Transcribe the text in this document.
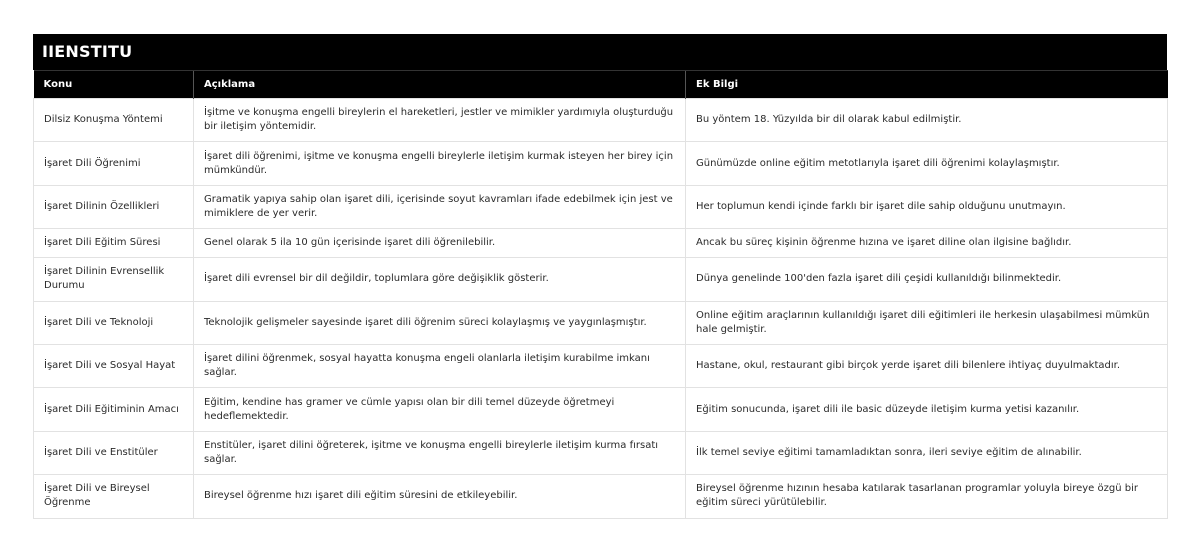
IIENSTITU
Konu	Açıklama	Ek Bilgi
Dilsiz Konuşma Yöntemi	İşitme ve konuşma engelli bireylerin el hareketleri, jestler ve mimikler yardımıyla oluşturduğu bir iletişim yöntemidir.	Bu yöntem 18. Yüzyılda bir dil olarak kabul edilmiştir.
İşaret Dili Öğrenimi	İşaret dili öğrenimi, işitme ve konuşma engelli bireylerle iletişim kurmak isteyen her birey için mümkündür.	Günümüzde online eğitim metotlarıyla işaret dili öğrenimi kolaylaşmıştır.
İşaret Dilinin Özellikleri	Gramatik yapıya sahip olan işaret dili, içerisinde soyut kavramları ifade edebilmek için jest ve mimiklere de yer verir.	Her toplumun kendi içinde farklı bir işaret dile sahip olduğunu unutmayın.
İşaret Dili Eğitim Süresi	Genel olarak 5 ila 10 gün içerisinde işaret dili öğrenilebilir.	Ancak bu süreç kişinin öğrenme hızına ve işaret diline olan ilgisine bağlıdır.
İşaret Dilinin Evrensellik Durumu	İşaret dili evrensel bir dil değildir, toplumlara göre değişiklik gösterir.	Dünya genelinde 100'den fazla işaret dili çeşidi kullanıldığı bilinmektedir.
İşaret Dili ve Teknoloji	Teknolojik gelişmeler sayesinde işaret dili öğrenim süreci kolaylaşmış ve yaygınlaşmıştır.	Online eğitim araçlarının kullanıldığı işaret dili eğitimleri ile herkesin ulaşabilmesi mümkün hale gelmiştir.
İşaret Dili ve Sosyal Hayat	İşaret dilini öğrenmek, sosyal hayatta konuşma engeli olanlarla iletişim kurabilme imkanı sağlar.	Hastane, okul, restaurant gibi birçok yerde işaret dili bilenlere ihtiyaç duyulmaktadır.
İşaret Dili Eğitiminin Amacı	Eğitim, kendine has gramer ve cümle yapısı olan bir dili temel düzeyde öğretmeyi hedeflemektedir.	Eğitim sonucunda, işaret dili ile basic düzeyde iletişim kurma yetisi kazanılır.
İşaret Dili ve Enstitüler	Enstitüler, işaret dilini öğreterek, işitme ve konuşma engelli bireylerle iletişim kurma fırsatı sağlar.	İlk temel seviye eğitimi tamamladıktan sonra, ileri seviye eğitim de alınabilir.
İşaret Dili ve Bireysel Öğrenme	Bireysel öğrenme hızı işaret dili eğitim süresini de etkileyebilir.	Bireysel öğrenme hızının hesaba katılarak tasarlanan programlar yoluyla bireye özgü bir eğitim süreci yürütülebilir.
